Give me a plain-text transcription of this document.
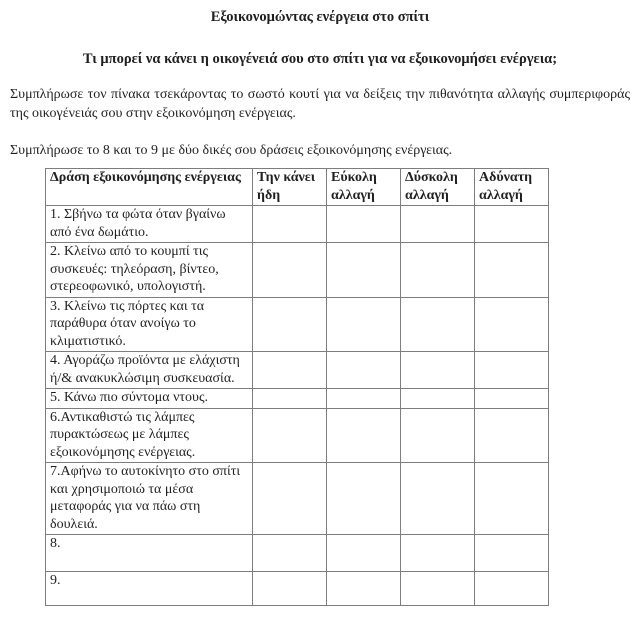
Εξοικονομώντας ενέργεια στο σπίτι
Τι μπορεί να κάνει η οικογένειά σου στο σπίτι για να εξοικονομήσει ενέργεια;

Συμπλήρωσε τον πίνακα τσεκάροντας το σωστό κουτί για να δείξεις την πιθανότητα αλλαγής συμπεριφοράς της οικογένειάς σου στην εξοικονόμηση ενέργειας.

Συμπλήρωσε το 8 και το 9 με δύο δικές σου δράσεις εξοικονόμησης ενέργειας.

Δράση εξοικονόμησης ενέργειας	Την κάνει ήδη	Εύκολη αλλαγή	Δύσκολη αλλαγή	Αδύνατη αλλαγή
1. Σβήνω τα φώτα όταν βγαίνω από ένα δωμάτιο.				
2. Κλείνω από το κουμπί τις συσκευές: τηλεόραση, βίντεο, στερεοφωνικό, υπολογιστή.				
3. Κλείνω τις πόρτες και τα παράθυρα όταν ανοίγω το κλιματιστικό.				
4. Αγοράζω προϊόντα με ελάχιστη ή/& ανακυκλώσιμη συσκευασία.				
5. Κάνω πιο σύντομα ντους.				
6.Αντικαθιστώ τις λάμπες πυρακτώσεως με λάμπες εξοικονόμησης ενέργειας.				
7.Αφήνω το αυτοκίνητο στο σπίτι και χρησιμοποιώ τα μέσα μεταφοράς για να πάω στη δουλειά.				
8.				
9.				
